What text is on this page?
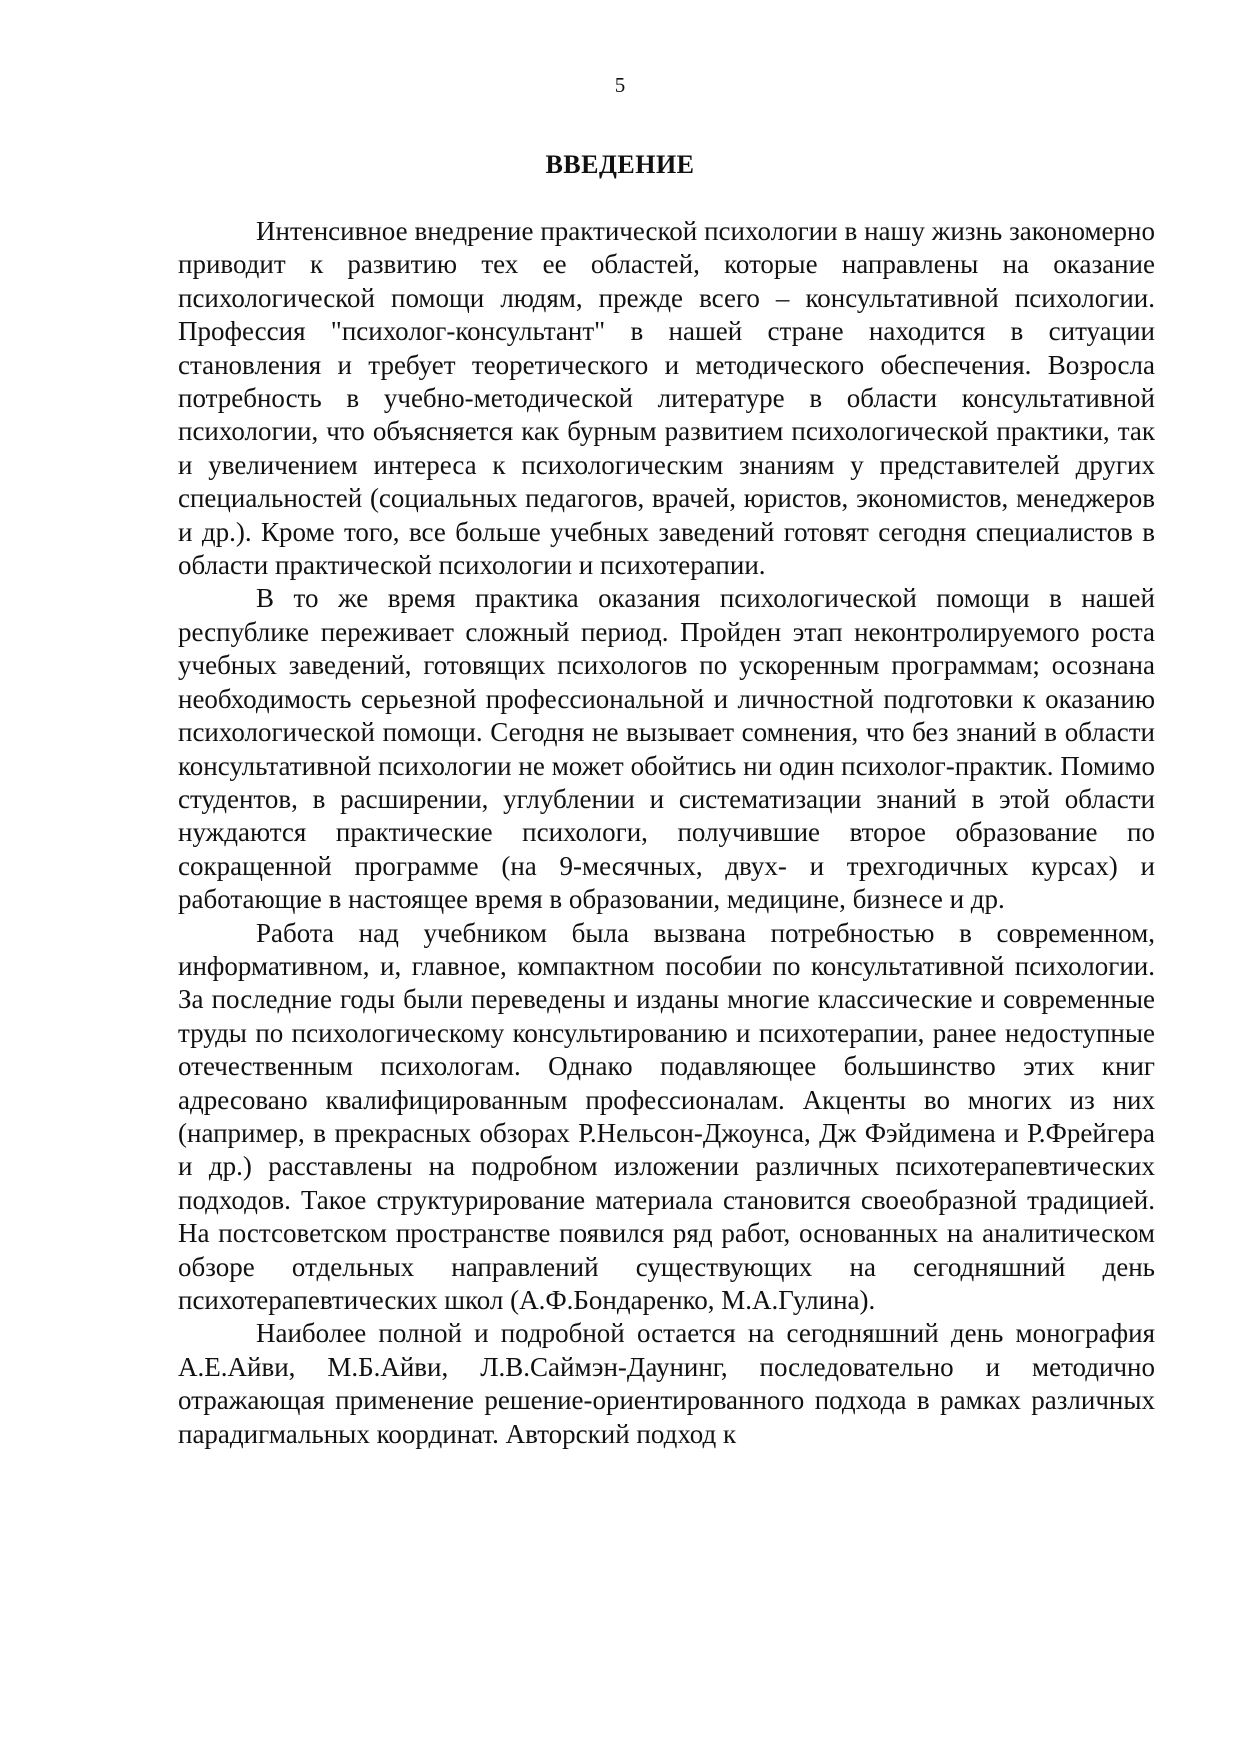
5
ВВЕДЕНИЕ

Интенсивное внедрение практической психологии в нашу жизнь закономерно приводит к развитию тех ее областей, которые направлены на оказание психологической помощи людям, прежде всего – консультативной психологии. Профессия "психолог-консультант" в нашей стране находится в ситуации становления и требует теоретического и методического обеспечения. Возросла потребность в учебно-методической литературе в области консультативной психологии, что объясняется как бурным развитием психологической практики, так и увеличением интереса к психологическим знаниям у представителей других специальностей (социальных педагогов, врачей, юристов, экономистов, менеджеров и др.). Кроме того, все больше учебных заведений готовят сегодня специалистов в области практической психологии и психотерапии.

В то же время практика оказания психологической помощи в нашей республике переживает сложный период. Пройден этап неконтролируемого роста учебных заведений, готовящих психологов по ускоренным программам; осознана необходимость серьезной профессиональной и личностной подготовки к оказанию психологической помощи. Сегодня не вызывает сомнения, что без знаний в области консультативной психологии не может обойтись ни один психолог-практик. Помимо студентов, в расширении, углублении и систематизации знаний в этой области нуждаются практические психологи, получившие второе образование по сокращенной программе (на 9-месячных, двух- и трехгодичных курсах) и работающие в настоящее время в образовании, медицине, бизнесе и др.

Работа над учебником была вызвана потребностью в современном, информативном, и, главное, компактном пособии по консультативной психологии. За последние годы были переведены и изданы многие классические и современные труды по психологическому консультированию и психотерапии, ранее недоступные отечественным психологам. Однако подавляющее большинство этих книг адресовано квалифицированным профессионалам. Акценты во многих из них (например, в прекрасных обзорах Р.Нельсон-Джоунса, Дж Фэйдимена и Р.Фрейгера и др.) расставлены на подробном изложении различных психотерапевтических подходов. Такое структурирование материала становится своеобразной традицией. На постсоветском пространстве появился ряд работ, основанных на аналитическом обзоре отдельных направлений существующих на сегодняшний день психотерапевтических школ (А.Ф.Бондаренко, М.А.Гулина).

Наиболее полной и подробной остается на сегодняшний день монография А.Е.Айви, М.Б.Айви, Л.В.Саймэн-Даунинг, последовательно и методично отражающая применение решение-ориентированного подхода в рамках различных парадигмальных координат. Авторский подход к
